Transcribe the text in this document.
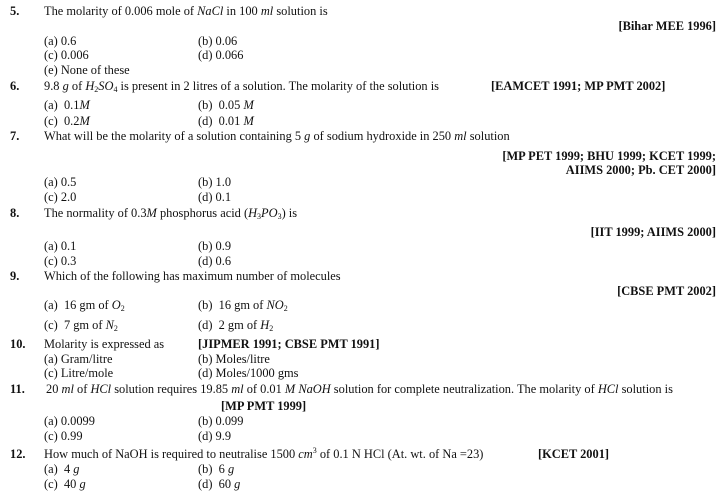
5. The molarity of 0.006 mole of NaCl in 100 ml solution is
[Bihar MEE 1996]
(a) 0.6	(b) 0.06
(c) 0.006	(d) 0.066
(e) None of these
6. 9.8 g of $H_2SO_4$ is present in 2 litres of a solution. The molarity of the solution is	[EAMCET 1991; MP PMT 2002]
(a)  0.1M	(b)  0.05 M
(c)  0.2M	(d)  0.01 M
7. What will be the molarity of a solution containing 5 g of sodium hydroxide in 250 ml solution
[MP PET 1999; BHU 1999; KCET 1999;
AIIMS 2000; Pb. CET 2000]
(a) 0.5	(b) 1.0
(c) 2.0	(d) 0.1
8. The normality of 0.3M phosphorus acid $(H_3PO_3)$ is
[IIT 1999; AIIMS 2000]
(a) 0.1	(b) 0.9
(c) 0.3	(d) 0.6
9. Which of the following has maximum number of molecules
[CBSE PMT 2002]
(a)  16 gm of $O_2$	(b)  16 gm of $NO_2$
(c)  7 gm of $N_2$	(d)  2 gm of $H_2$
10. Molarity is expressed as	[JIPMER 1991; CBSE PMT 1991]
(a) Gram/litre	(b) Moles/litre
(c) Litre/mole	(d) Moles/1000 gms
11. 20 ml of HCl solution requires 19.85 ml of 0.01 M NaOH solution for complete neutralization. The molarity of HCl solution is
[MP PMT 1999]
(a) 0.0099	(b) 0.099
(c) 0.99	(d) 9.9
12. How much of NaOH is required to neutralise 1500 $cm^3$ of 0.1 N HCl (At. wt. of Na =23)	[KCET 2001]
(a)  4 g	(b)  6 g
(c)  40 g	(d)  60 g
